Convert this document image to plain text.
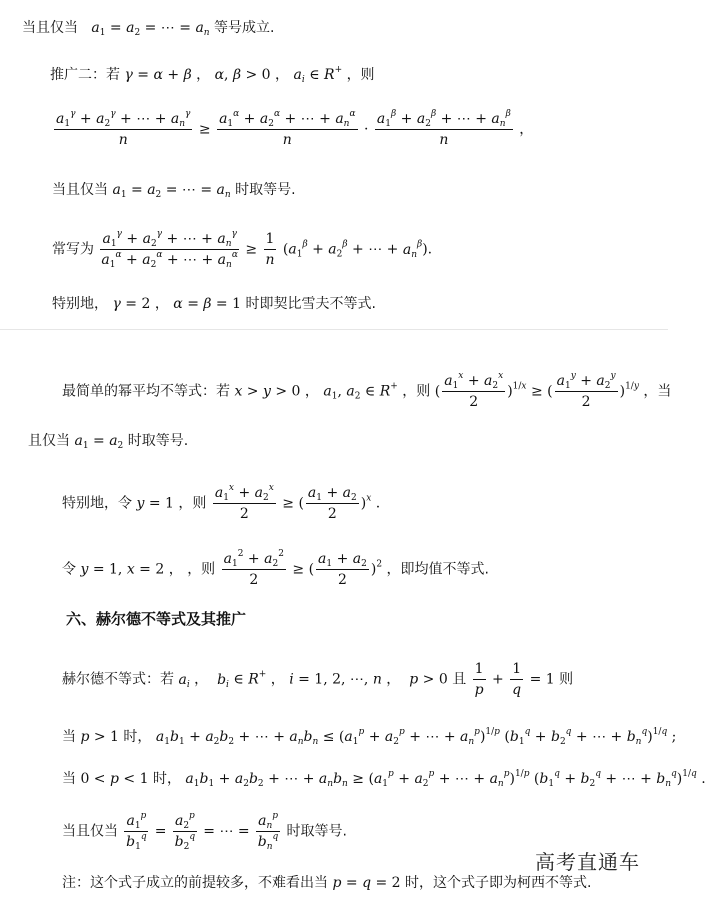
当且仅当   $a_1 = a_2$ = ⋯ = $a_n$ 等号成立.
推广二：若 γ = α + β ， α, β > 0 ， $a_i$ ∈ R+ ，则
$\frac{a_1^\gamma + a_2^\gamma + \cdots + a_n^\gamma}{n} \ge \frac{a_1^\alpha + a_2^\alpha + \cdots + a_n^\alpha}{n} \cdot \frac{a_1^\beta + a_2^\beta + \cdots + a_n^\beta}{n}$ ，
当且仅当 $a_1 = a_2$ = ⋯ = $a_n$ 时取等号.
常写为 $\frac{a_1^\gamma + a_2^\gamma + \cdots + a_n^\gamma}{a_1^\alpha + a_2^\alpha + \cdots + a_n^\alpha} \ge \frac{1}{n} (a_1^\beta + a_2^\beta$ + ⋯ + $a_n^\beta$).
特别地， γ = 2 ， α = β = 1 时即契比雪夫不等式.
最简单的幂平均不等式：若 x > y > 0 ， $a_1$, $a_2$ ∈ R+ ，则 ( $\frac{a_1^x + a_2^x}{2} )^{1/x}$ ≥ ( $\frac{a_1^y + a_2^y}{2} )^{1/y}$ ，当
且仅当 $a_1 = a_2$ 时取等号.
特别地，令 y = 1 ，则 $\frac{a_1^x + a_2^x}{2}$ ≥ ( $\frac{a_1 + a_2}{2} )^x$ .
令 y = 1, x = 2 ， ，则 $\frac{a_1^2 + a_2^2}{2}$ ≥ ( $\frac{a_1 + a_2}{2} )^2$ ，即均值不等式.
六、赫尔德不等式及其推广
赫尔德不等式：若 $a_i$ ，  $b_i$ ∈ R+ ， i = 1, 2, ⋯, n ，  p > 0 且 $\frac{1}{p} + \frac{1}{q} = 1$ 则
当 p > 1 时， $a_1b_1 + a_2b_2$ + ⋯ + $a_nb_n \le (a_1^p + a_2^p$ + ⋯ + $a_n^p)^{1/p}$ ($b_1^q + b_2^q$ + ⋯ + $b_n^q)^{1/q}$ ;
当 0 < p < 1 时， $a_1b_1 + a_2b_2$ + ⋯ + $a_nb_n \ge (a_1^p + a_2^p$ + ⋯ + $a_n^p)^{1/p}$ ($b_1^q + b_2^q$ + ⋯ + $b_n^q)^{1/q}$ .
当且仅当 $\frac{a_1^p}{b_1^q} = \frac{a_2^p}{b_2^q}$ = ⋯ = $\frac{a_n^p}{b_n^q}$ 时取等号.
注：这个式子成立的前提较多，不难看出当 p = q = 2 时，这个式子即为柯西不等式.
高考直通车
